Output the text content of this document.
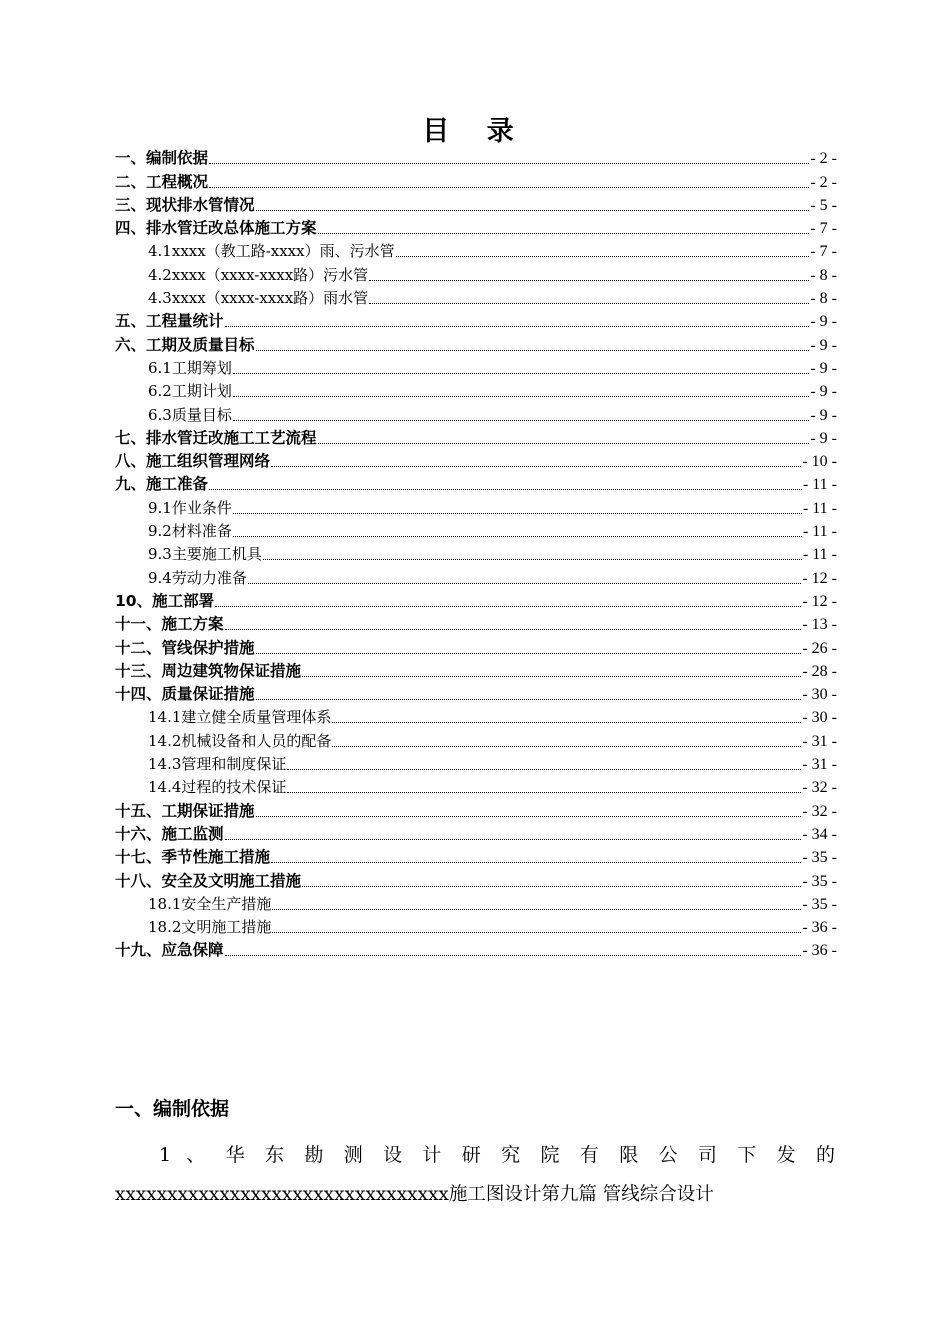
目 录
一、编制依据	- 2 -
二、工程概况	- 2 -
三、现状排水管情况	- 5 -
四、排水管迁改总体施工方案	- 7 -
4.1xxxx（教工路-xxxx）雨、污水管	- 7 -
4.2xxxx（xxxx-xxxx路）污水管	- 8 -
4.3xxxx（xxxx-xxxx路）雨水管	- 8 -
五、工程量统计	- 9 -
六、工期及质量目标	- 9 -
6.1工期筹划	- 9 -
6.2工期计划	- 9 -
6.3质量目标	- 9 -
七、排水管迁改施工工艺流程	- 9 -
八、施工组织管理网络	- 10 -
九、施工准备	- 11 -
9.1作业条件	- 11 -
9.2材料准备	- 11 -
9.3主要施工机具	- 11 -
9.4劳动力准备	- 12 -
10、施工部署	- 12 -
十一、施工方案	- 13 -
十二、管线保护措施	- 26 -
十三、周边建筑物保证措施	- 28 -
十四、质量保证措施	- 30 -
14.1建立健全质量管理体系	- 30 -
14.2机械设备和人员的配备	- 31 -
14.3管理和制度保证	- 31 -
14.4过程的技术保证	- 32 -
十五、工期保证措施	- 32 -
十六、施工监测	- 34 -
十七、季节性施工措施	- 35 -
十八、安全及文明施工措施	- 35 -
18.1安全生产措施	- 35 -
18.2文明施工措施	- 36 -
十九、应急保障	- 36 -
一、编制依据
1 、 华 东 勘 测 设 计 研 究 院 有 限 公 司 下 发 的
xxxxxxxxxxxxxxxxxxxxxxxxxxxxxxxx施工图设计第九篇 管线综合设计
